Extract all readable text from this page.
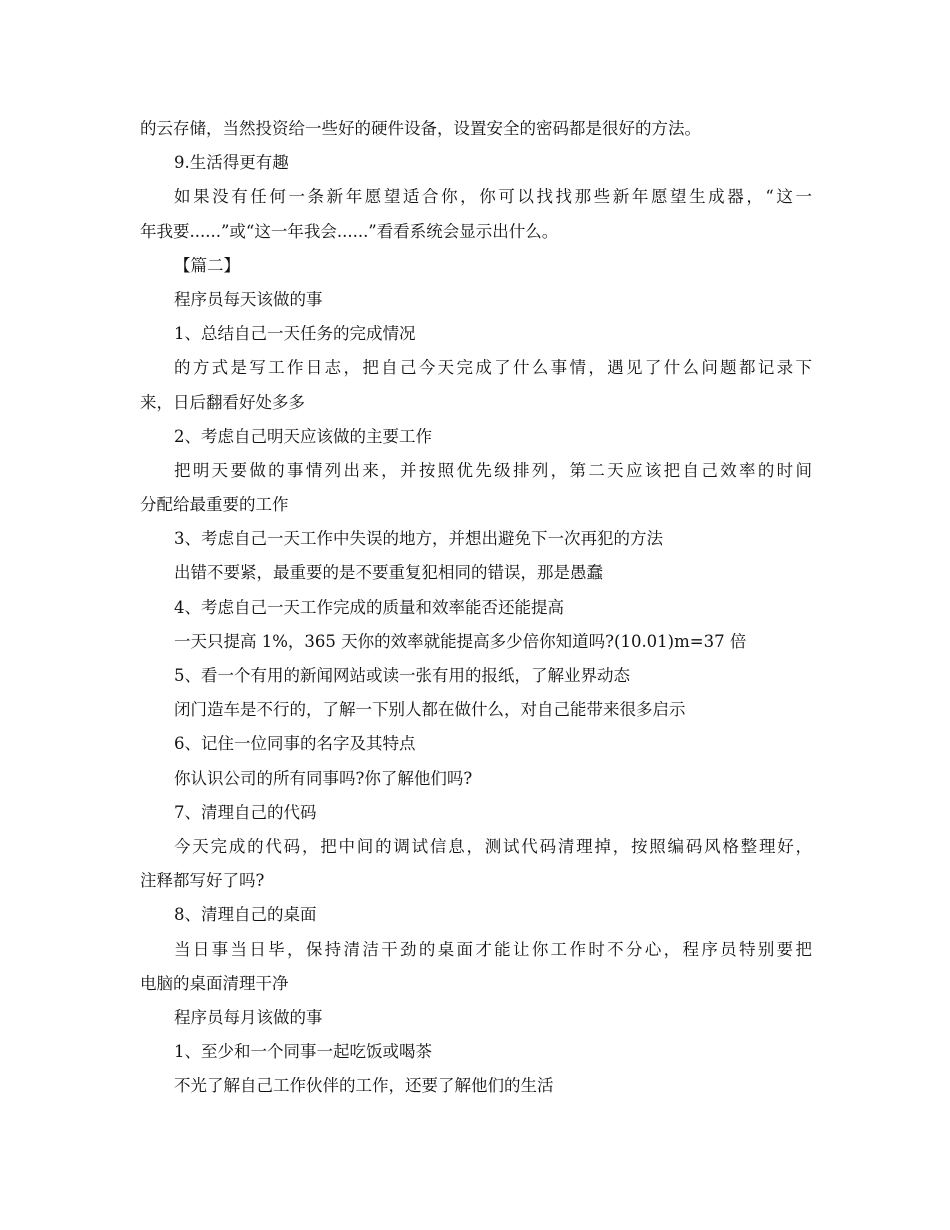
的云存储，当然投资给一些好的硬件设备，设置安全的密码都是很好的方法。
9.生活得更有趣
如果没有任何一条新年愿望适合你，你可以找找那些新年愿望生成器，“这一
年我要......”或“这一年我会......”看看系统会显示出什么。
【篇二】
程序员每天该做的事
1、总结自己一天任务的完成情况
的方式是写工作日志，把自己今天完成了什么事情，遇见了什么问题都记录下
来，日后翻看好处多多
2、考虑自己明天应该做的主要工作
把明天要做的事情列出来，并按照优先级排列，第二天应该把自己效率的时间
分配给最重要的工作
3、考虑自己一天工作中失误的地方，并想出避免下一次再犯的方法
出错不要紧，最重要的是不要重复犯相同的错误，那是愚蠢
4、考虑自己一天工作完成的质量和效率能否还能提高
一天只提高 1%，365 天你的效率就能提高多少倍你知道吗?(10.01)m=37 倍
5、看一个有用的新闻网站或读一张有用的报纸，了解业界动态
闭门造车是不行的，了解一下别人都在做什么，对自己能带来很多启示
6、记住一位同事的名字及其特点
你认识公司的所有同事吗?你了解他们吗?
7、清理自己的代码
今天完成的代码，把中间的调试信息，测试代码清理掉，按照编码风格整理好，
注释都写好了吗?
8、清理自己的桌面
当日事当日毕，保持清洁干劲的桌面才能让你工作时不分心，程序员特别要把
电脑的桌面清理干净
程序员每月该做的事
1、至少和一个同事一起吃饭或喝茶
不光了解自己工作伙伴的工作，还要了解他们的生活
